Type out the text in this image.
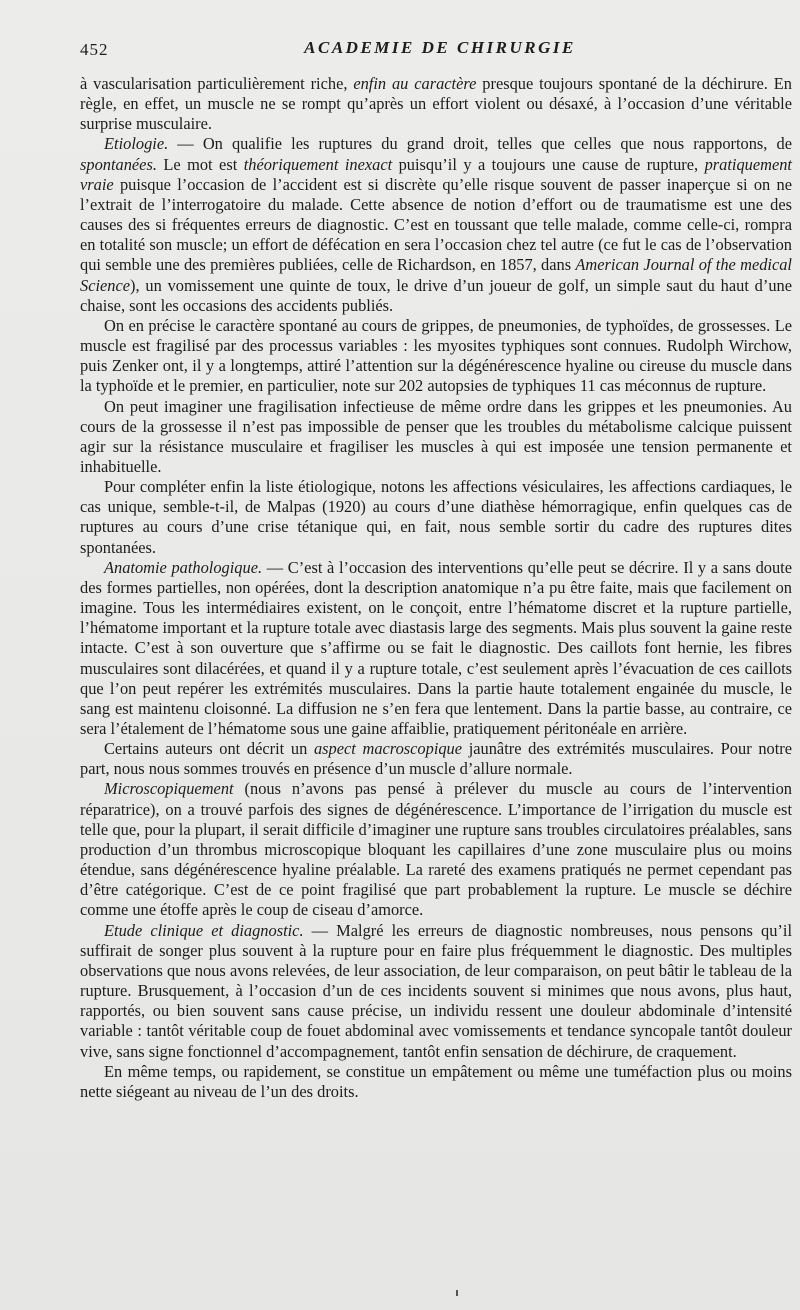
452	ACADEMIE DE CHIRURGIE

à vascularisation particulièrement riche, enfin au caractère presque toujours spontané de la déchirure. En règle, en effet, un muscle ne se rompt qu’après un effort violent ou désaxé, à l’occasion d’une véritable surprise musculaire.

Etiologie. — On qualifie les ruptures du grand droit, telles que celles que nous rapportons, de spontanées. Le mot est théoriquement inexact puisqu’il y a toujours une cause de rupture, pratiquement vraie puisque l’occasion de l’accident est si discrète qu’elle risque souvent de passer inaperçue si on ne l’extrait de l’interrogatoire du malade. Cette absence de notion d’effort ou de traumatisme est une des causes des si fréquentes erreurs de diagnostic. C’est en toussant que telle malade, comme celle-ci, rompra en totalité son muscle; un effort de défécation en sera l’occasion chez tel autre (ce fut le cas de l’observation qui semble une des premières publiées, celle de Richardson, en 1857, dans American Journal of the medical Science), un vomissement une quinte de toux, le drive d’un joueur de golf, un simple saut du haut d’une chaise, sont les occasions des accidents publiés.

On en précise le caractère spontané au cours de grippes, de pneumonies, de typhoïdes, de grossesses. Le muscle est fragilisé par des processus variables : les myosites typhiques sont connues. Rudolph Wirchow, puis Zenker ont, il y a longtemps, attiré l’attention sur la dégénérescence hyaline ou cireuse du muscle dans la typhoïde et le premier, en particulier, note sur 202 autopsies de typhiques 11 cas méconnus de rupture.

On peut imaginer une fragilisation infectieuse de même ordre dans les grippes et les pneumonies. Au cours de la grossesse il n’est pas impossible de penser que les troubles du métabolisme calcique puissent agir sur la résistance musculaire et fragiliser les muscles à qui est imposée une tension permanente et inhabituelle.

Pour compléter enfin la liste étiologique, notons les affections vésiculaires, les affections cardiaques, le cas unique, semble-t-il, de Malpas (1920) au cours d’une diathèse hémorragique, enfin quelques cas de ruptures au cours d’une crise tétanique qui, en fait, nous semble sortir du cadre des ruptures dites spontanées.

Anatomie pathologique. — C’est à l’occasion des interventions qu’elle peut se décrire. Il y a sans doute des formes partielles, non opérées, dont la description anatomique n’a pu être faite, mais que facilement on imagine. Tous les intermédiaires existent, on le conçoit, entre l’hématome discret et la rupture partielle, l’hématome important et la rupture totale avec diastasis large des segments. Mais plus souvent la gaine reste intacte. C’est à son ouverture que s’affirme ou se fait le diagnostic. Des caillots font hernie, les fibres musculaires sont dilacérées, et quand il y a rupture totale, c’est seulement après l’évacuation de ces caillots que l’on peut repérer les extrémités musculaires. Dans la partie haute totalement engainée du muscle, le sang est maintenu cloisonné. La diffusion ne s’en fera que lentement. Dans la partie basse, au contraire, ce sera l’étalement de l’hématome sous une gaine affaiblie, pratiquement péritonéale en arrière.

Certains auteurs ont décrit un aspect macroscopique jaunâtre des extrémités musculaires. Pour notre part, nous nous sommes trouvés en présence d’un muscle d’allure normale.

Microscopiquement (nous n’avons pas pensé à prélever du muscle au cours de l’intervention réparatrice), on a trouvé parfois des signes de dégénérescence. L’importance de l’irrigation du muscle est telle que, pour la plupart, il serait difficile d’imaginer une rupture sans troubles circulatoires préalables, sans production d’un thrombus microscopique bloquant les capillaires d’une zone musculaire plus ou moins étendue, sans dégénérescence hyaline préalable. La rareté des examens pratiqués ne permet cependant pas d’être catégorique. C’est de ce point fragilisé que part probablement la rupture. Le muscle se déchire comme une étoffe après le coup de ciseau d’amorce.

Etude clinique et diagnostic. — Malgré les erreurs de diagnostic nombreuses, nous pensons qu’il suffirait de songer plus souvent à la rupture pour en faire plus fréquemment le diagnostic. Des multiples observations que nous avons relevées, de leur association, de leur comparaison, on peut bâtir le tableau de la rupture. Brusquement, à l’occasion d’un de ces incidents souvent si minimes que nous avons, plus haut, rapportés, ou bien souvent sans cause précise, un individu ressent une douleur abdominale d’intensité variable : tantôt véritable coup de fouet abdominal avec vomissements et tendance syncopale tantôt douleur vive, sans signe fonctionnel d’accompagnement, tantôt enfin sensation de déchirure, de craquement.

En même temps, ou rapidement, se constitue un empâtement ou même une tuméfaction plus ou moins nette siégeant au niveau de l’un des droits.
